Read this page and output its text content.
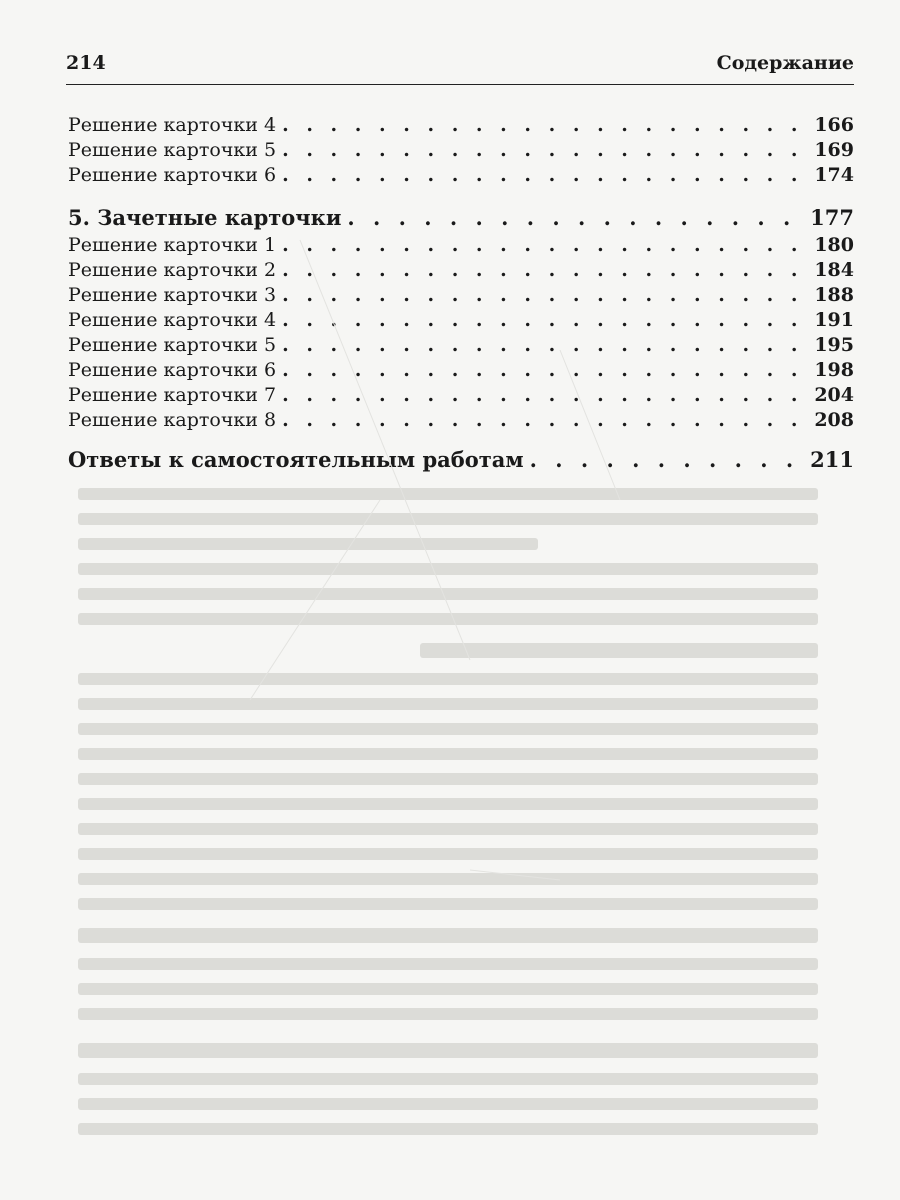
214	Содержание
Решение карточки 4 . . .	166
Решение карточки 5 . . .	169
Решение карточки 6 . . .	174
5. Зачетные карточки . . .	177
Решение карточки 1 . . .	180
Решение карточки 2 . . .	184
Решение карточки 3 . . .	188
Решение карточки 4 . . .	191
Решение карточки 5 . . .	195
Решение карточки 6 . . .	198
Решение карточки 7 . . .	204
Решение карточки 8 . . .	208
Ответы к самостоятельным работам . . .	211
